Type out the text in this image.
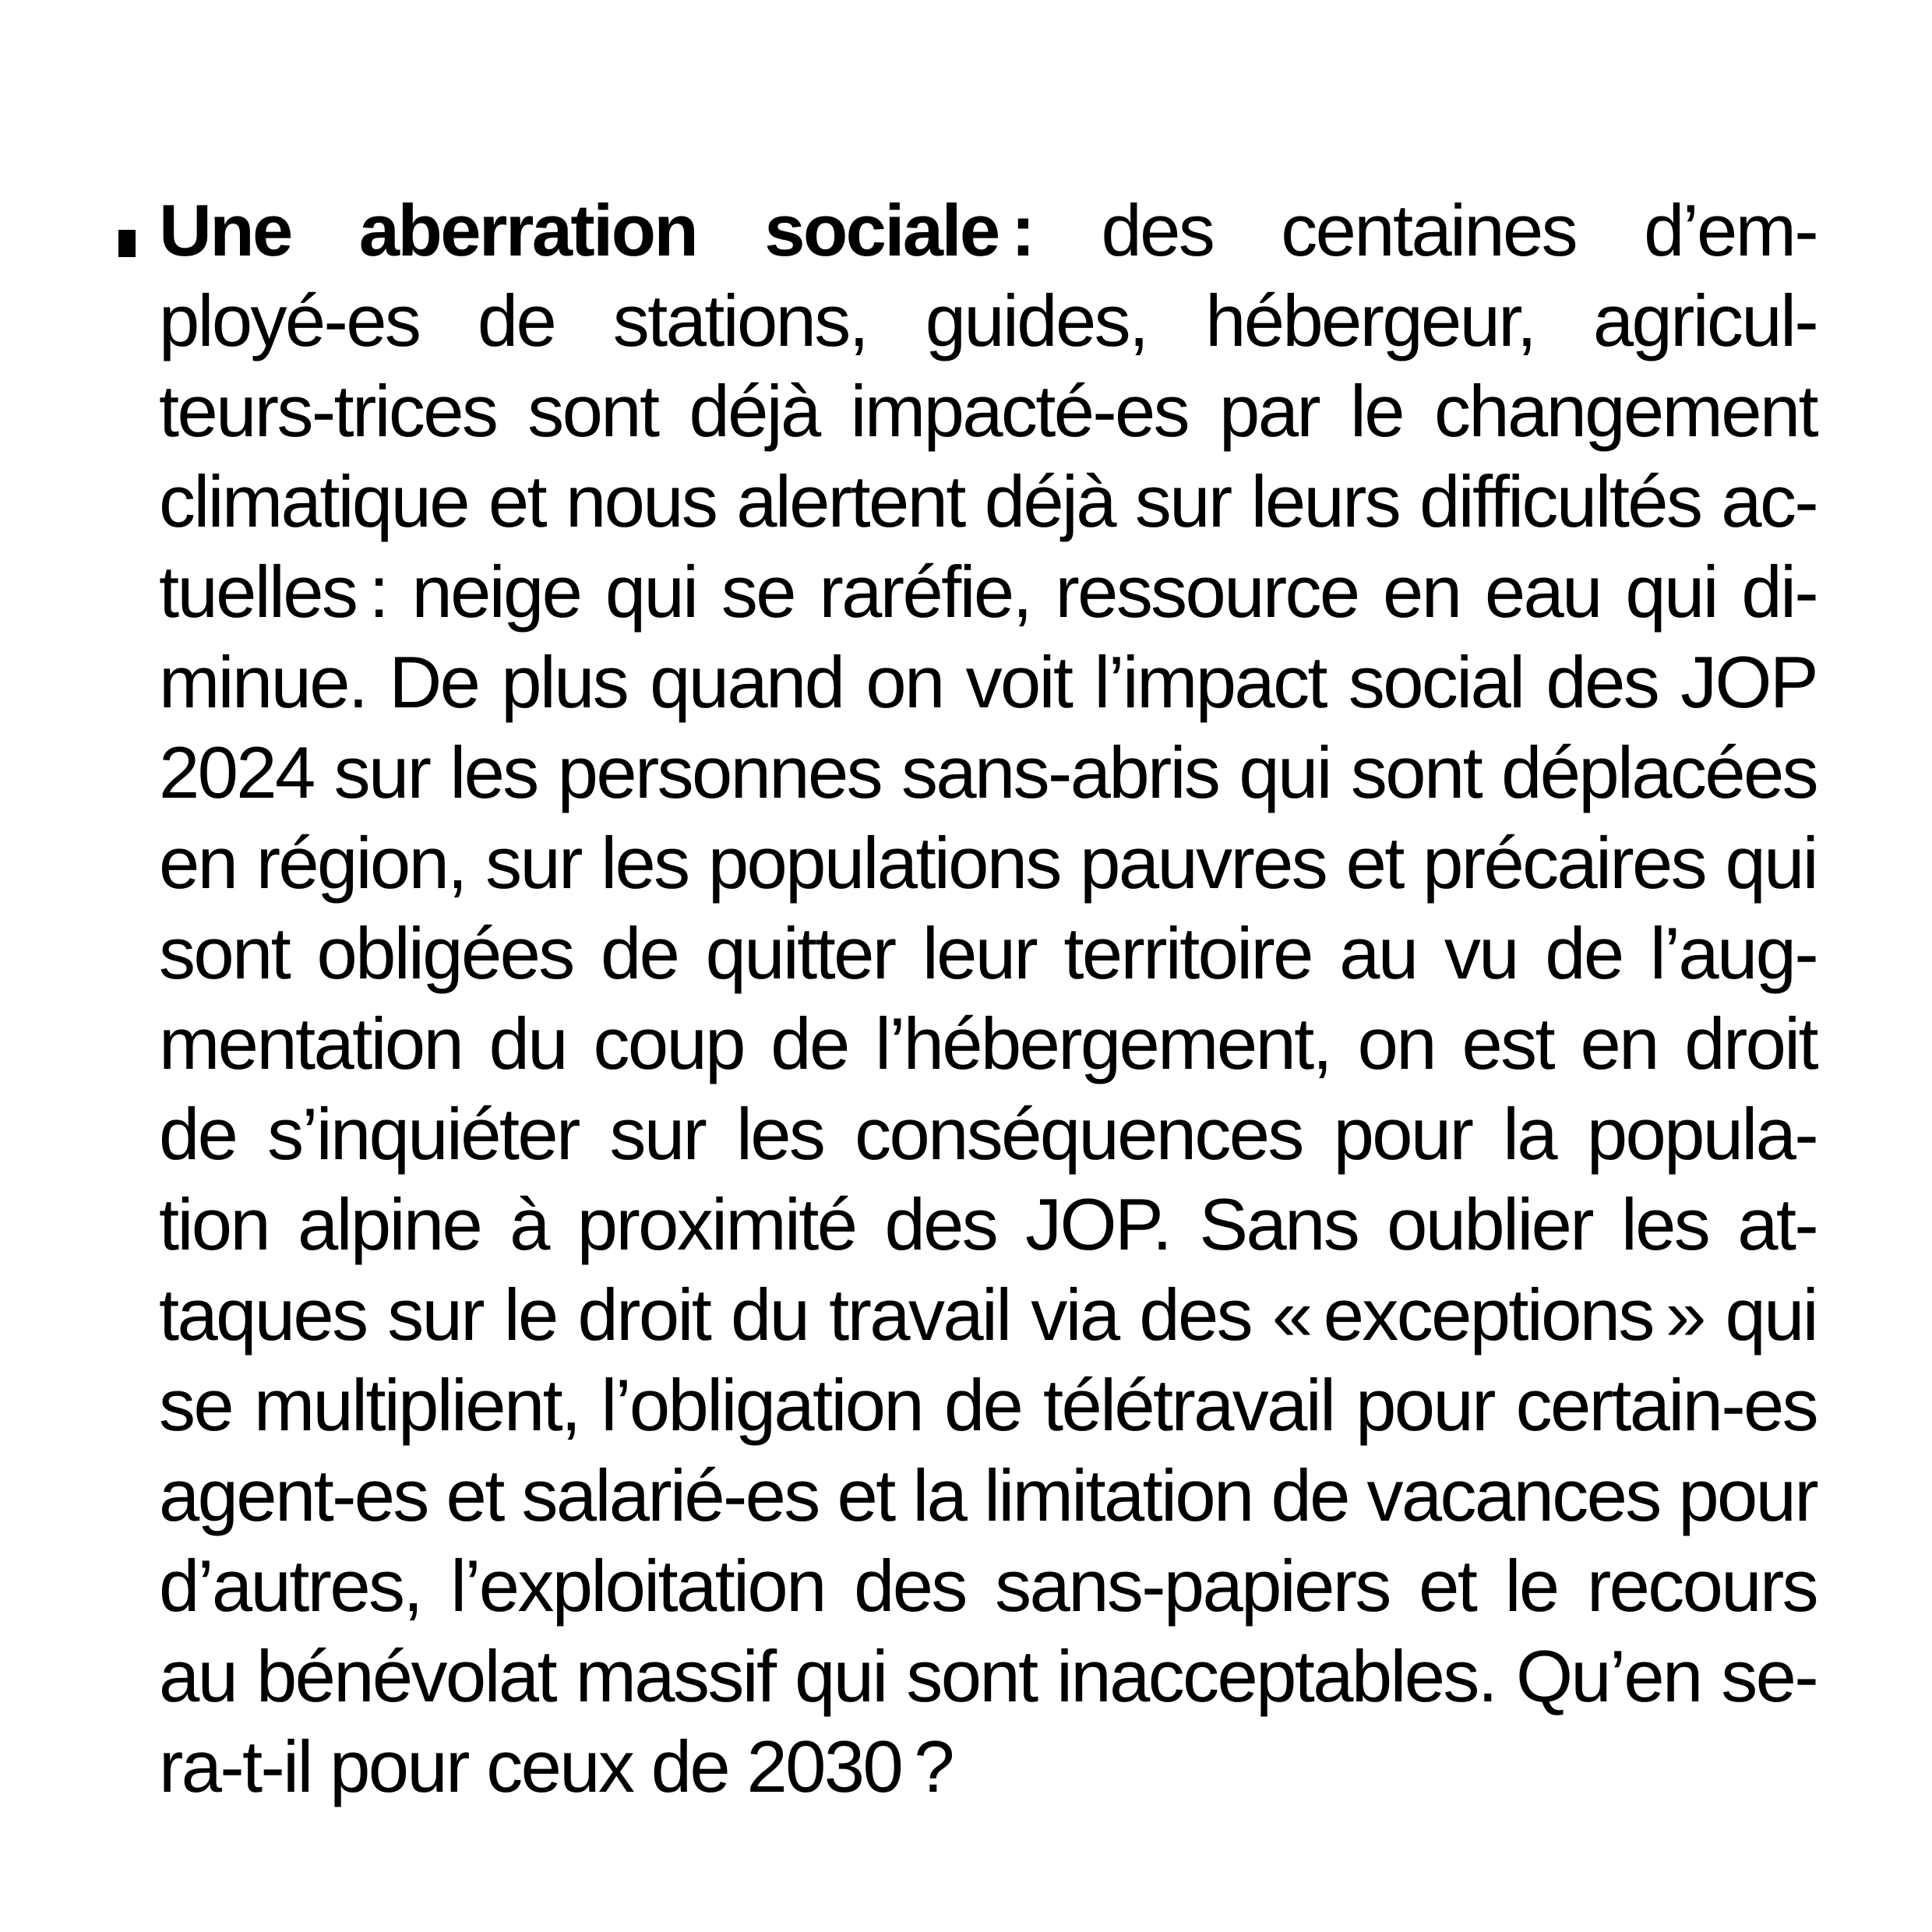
Une aberration sociale : des centaines d’em-
ployé-es de stations, guides, hébergeur, agricul-
teurs-trices sont déjà impacté-es par le changement
climatique et nous alertent déjà sur leurs difficultés ac-
tuelles : neige qui se raréfie, ressource en eau qui di-
minue. De plus quand on voit l’impact social des JOP
2024 sur les personnes sans-abris qui sont déplacées
en région, sur les populations pauvres et précaires qui
sont obligées de quitter leur territoire au vu de l’aug-
mentation du coup de l’hébergement, on est en droit
de s’inquiéter sur les conséquences pour la popula-
tion alpine à proximité des JOP. Sans oublier les at-
taques sur le droit du travail via des « exceptions » qui
se multiplient, l’obligation de télétravail pour certain-es
agent-es et salarié-es et la limitation de vacances pour
d’autres, l’exploitation des sans-papiers et le recours
au bénévolat massif qui sont inacceptables. Qu’en se-
ra-t-il pour ceux de 2030 ?
